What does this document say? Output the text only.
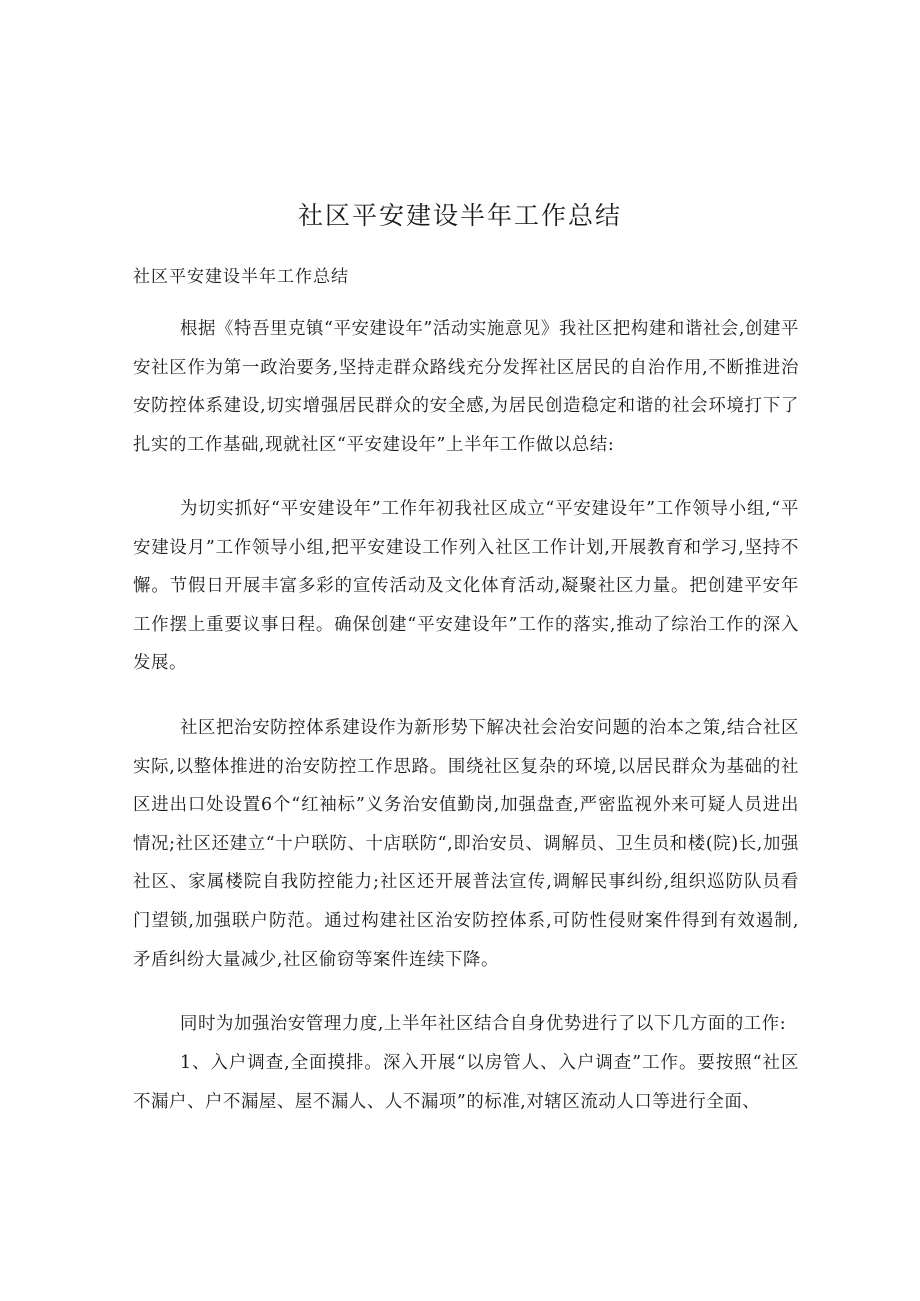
社区平安建设半年工作总结

社区平安建设半年工作总结

根据《特吾里克镇“平安建设年”活动实施意见》我社区把构建和谐社会,创建平安社区作为第一政治要务,坚持走群众路线充分发挥社区居民的自治作用,不断推进治安防控体系建设,切实增强居民群众的安全感,为居民创造稳定和谐的社会环境打下了扎实的工作基础,现就社区“平安建设年”上半年工作做以总结:

为切实抓好“平安建设年”工作年初我社区成立“平安建设年”工作领导小组,“平安建设月”工作领导小组,把平安建设工作列入社区工作计划,开展教育和学习,坚持不懈。节假日开展丰富多彩的宣传活动及文化体育活动,凝聚社区力量。把创建平安年工作摆上重要议事日程。确保创建“平安建设年”工作的落实,推动了综治工作的深入发展。

社区把治安防控体系建设作为新形势下解决社会治安问题的治本之策,结合社区实际,以整体推进的治安防控工作思路。围绕社区复杂的环境,以居民群众为基础的社区进出口处设置6个“红袖标”义务治安值勤岗,加强盘查,严密监视外来可疑人员进出情况;社区还建立“十户联防、十店联防“,即治安员、调解员、卫生员和楼(院)长,加强社区、家属楼院自我防控能力;社区还开展普法宣传,调解民事纠纷,组织巡防队员看门望锁,加强联户防范。通过构建社区治安防控体系,可防性侵财案件得到有效遏制,矛盾纠纷大量减少,社区偷窃等案件连续下降。

同时为加强治安管理力度,上半年社区结合自身优势进行了以下几方面的工作:

1、入户调查,全面摸排。深入开展“以房管人、入户调查”工作。要按照“社区不漏户、户不漏屋、屋不漏人、人不漏项”的标准,对辖区流动人口等进行全面、
